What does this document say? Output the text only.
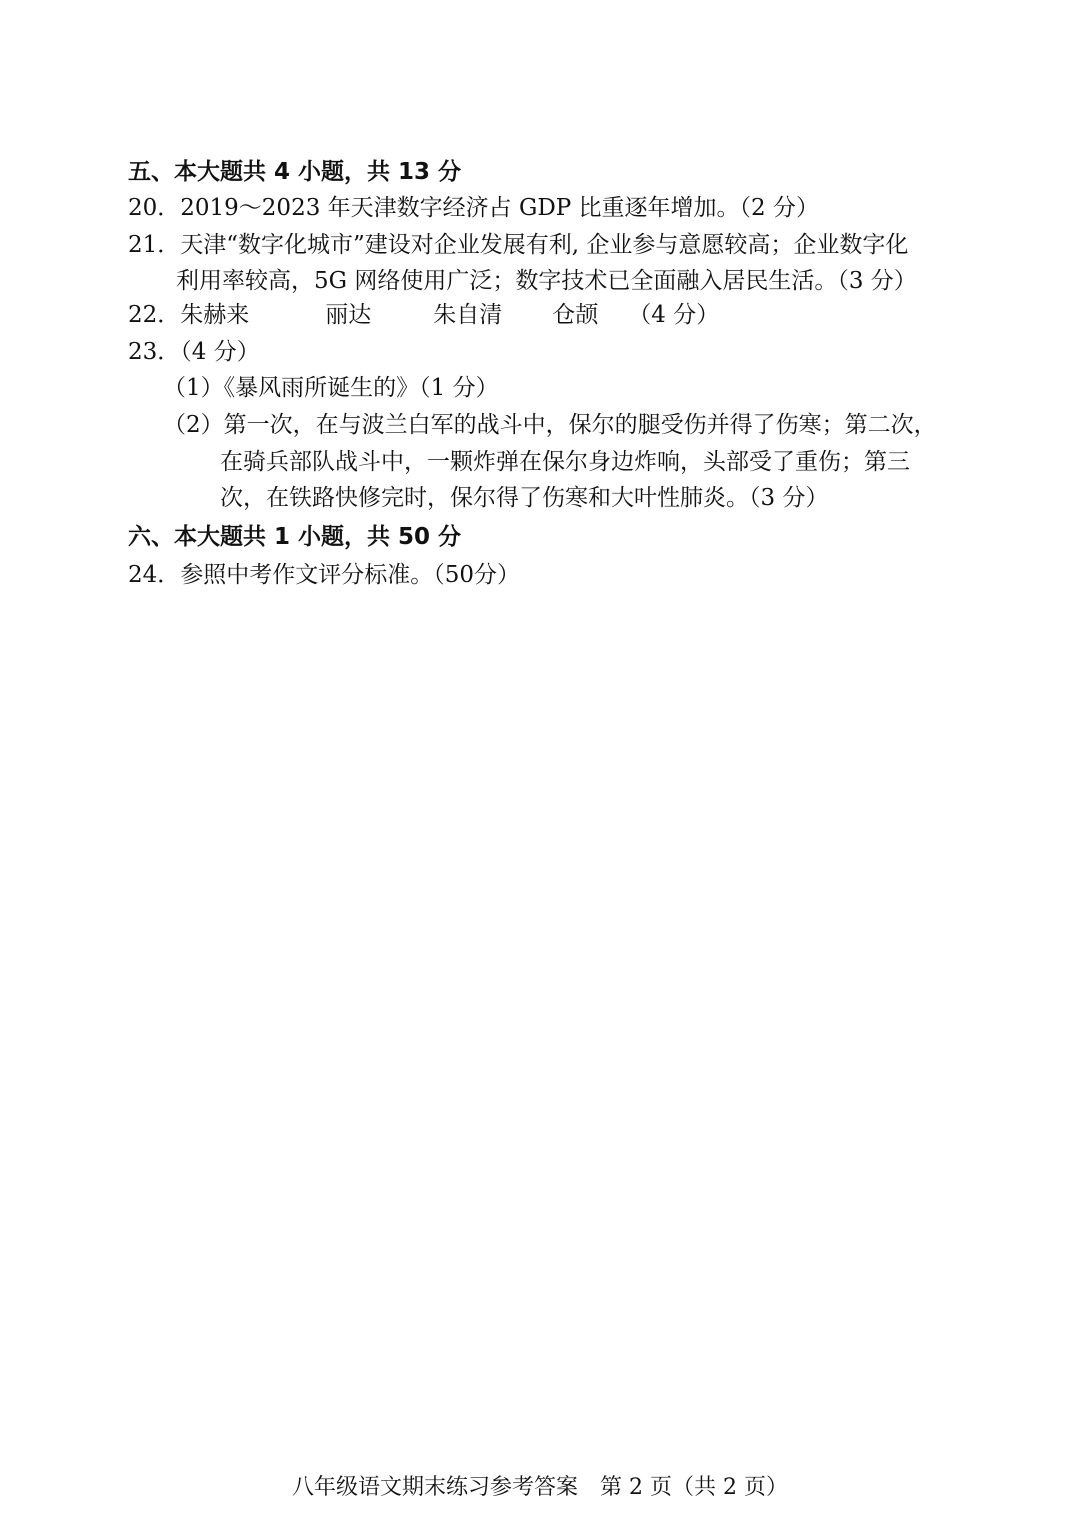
五、本大题共 4 小题，共 13 分
20．2019～2023 年天津数字经济占 GDP 比重逐年增加。（2 分）
21．天津“数字化城市”建设对企业发展有利, 企业参与意愿较高；企业数字化
利用率较高，5G 网络使用广泛；数字技术已全面融入居民生活。（3 分）
22．朱赫来	丽达	朱自清 仓颉 （4 分）
23．（4 分）
（1）《暴风雨所诞生的》（1 分）
（2）第一次，在与波兰白军的战斗中，保尔的腿受伤并得了伤寒；第二次，
在骑兵部队战斗中，一颗炸弹在保尔身边炸响，头部受了重伤；第三
次，在铁路快修完时，保尔得了伤寒和大叶性肺炎。（3 分）
六、本大题共 1 小题，共 50 分
24．参照中考作文评分标准。（50分）
八年级语文期末练习参考答案　第 2 页（共 2 页）
